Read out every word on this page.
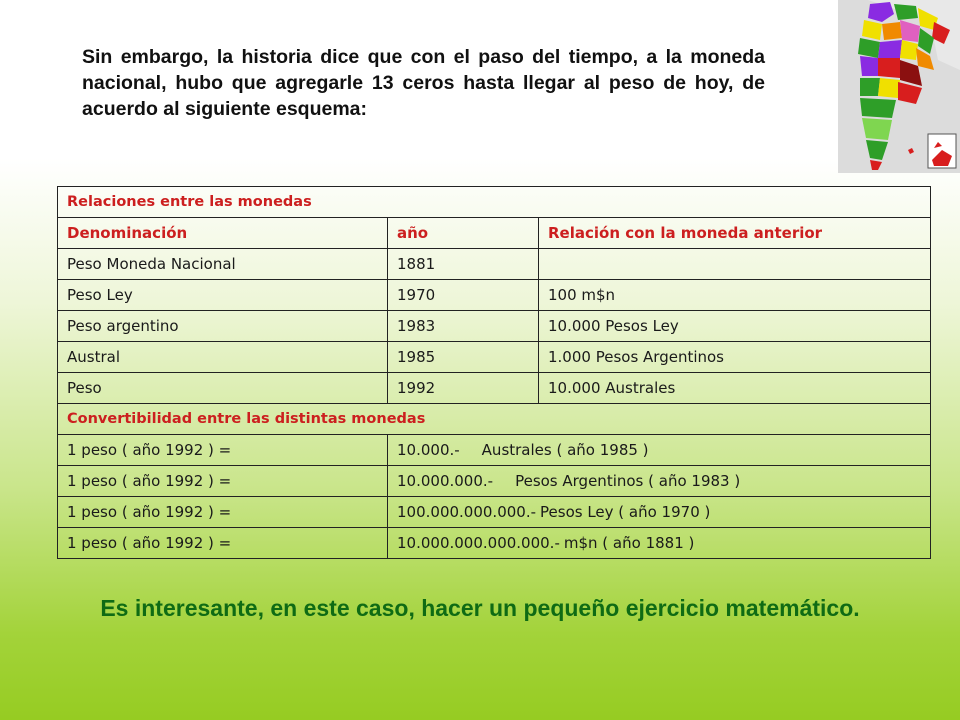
Sin embargo, la historia dice que con el paso del tiempo, a la moneda nacional, hubo que agregarle 13 ceros hasta llegar al peso de hoy, de acuerdo al siguiente esquema:

Relaciones entre las monedas		
Denominación	año	Relación con la moneda anterior
Peso Moneda Nacional	1881	
Peso Ley	1970	100 m$n
Peso argentino	1983	10.000 Pesos Ley
Austral	1985	1.000 Pesos Argentinos
Peso	1992	10.000 Australes
Convertibilidad entre las distintas monedas		
1 peso ( año 1992 ) =	10.000.- Australes ( año 1985 )	
1 peso ( año 1992 ) =	10.000.000.- Pesos Argentinos ( año 1983 )	
1 peso ( año 1992 ) =	100.000.000.000.- Pesos Ley ( año 1970 )	
1 peso ( año 1992 ) =	10.000.000.000.000.- m$n ( año 1881 )	

Es interesante, en este caso, hacer un pequeño ejercicio matemático.
